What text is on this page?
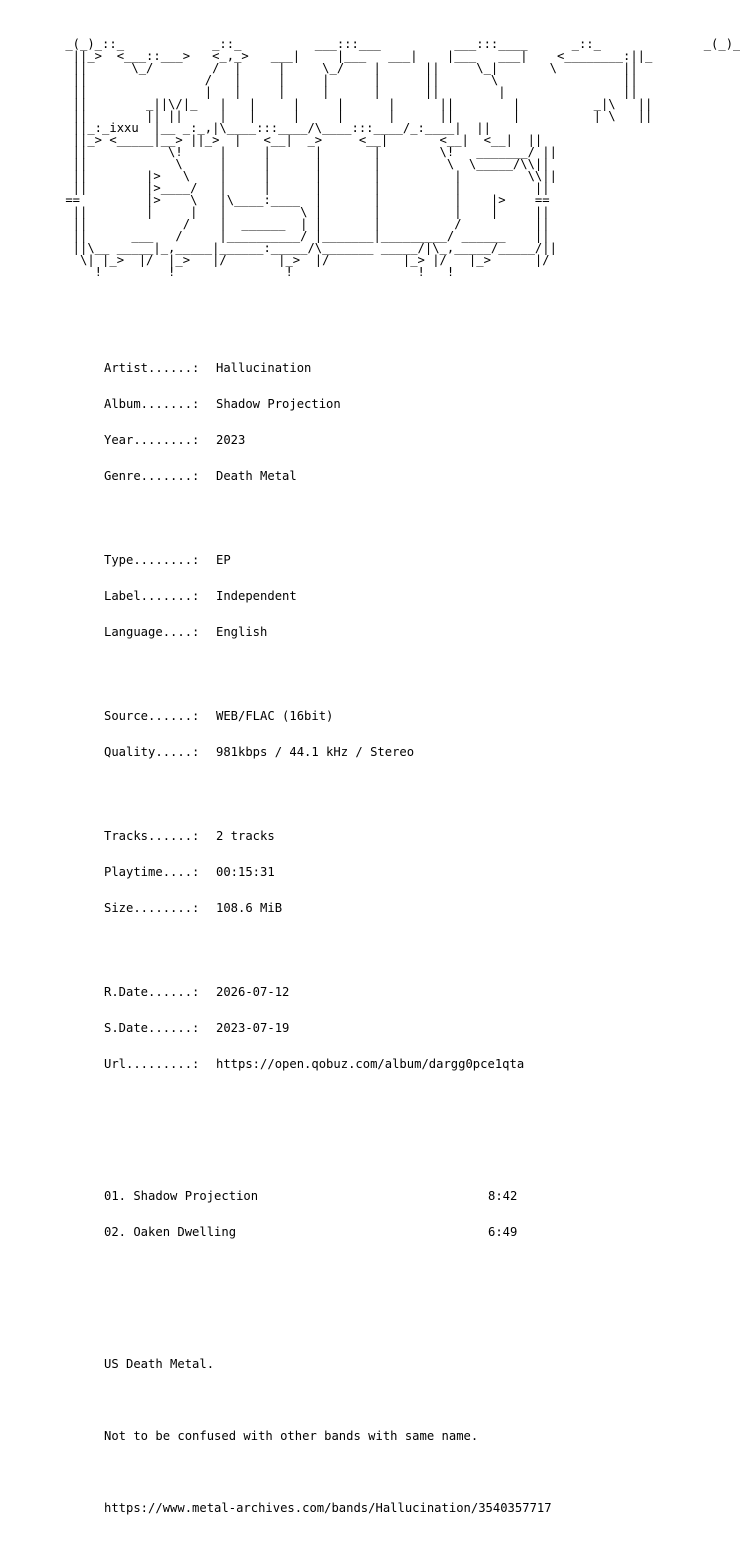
_(_)_::_            _::_          ___:::___          ___:::____      _::_              _(_)_
||_>  <___::___>   <_,_>   ___|     |___   ___|    |___   ___|    <________:||_
||      \_/        /  |     |     \_/    |      ||     \_|       \         ||
||                /   |     |     |      |      ||       \                 ||
||                |   |     |     |      |      ||        |                ||
||        _||\/|_   |   |     |     |      |      ||        |          _|\   ||
||        || ||     |   |     |     |      |      ||        |          | \   ||
||_:_ixxu  |__ _:_,|\____:::____/\____:::____/_:____|  ||
||_> <_____|__> ||_>  |   <__|  _>     <__|       <__|  <__|  ||
||           \!     |     |      |       |        \!   _______/ ||
||            \     |     |      |       |         \  \_____/\\||
||        |>   \    |     |      |       |          |         \\||
||        |>____/   |     |      |       |          |          ||
==         |>    \   |\____:____  |       |          |    |>    ==
||        |     |   |          \ |       |          |    |     ||
||             /    |  ______  | |       |          /          ||
||      ___   /     |__________/ |_______|_________/ ______    ||
||\__ _____|_,_____|______:_____/\_______ _____/|\_,_____/_____/||
\| |_>  |/  |_>   |/       |_>  |/          |_> |/   |_>      |/
!         !               !                 !   !

Artist......: Hallucination

Album.......: Shadow Projection

Year........: 2023

Genre.......: Death Metal

Type........: EP

Label.......: Independent

Language....: English

Source......: WEB/FLAC (16bit)

Quality.....: 981kbps / 44.1 kHz / Stereo

Tracks......: 2 tracks

Playtime....: 00:15:31

Size........: 108.6 MiB

R.Date......: 2026-07-12

S.Date......: 2023-07-19

Url.........: https://open.qobuz.com/album/dargg0pce1qta

01. Shadow Projection	8:42

02. Oaken Dwelling	6:49

US Death Metal.

Not to be confused with other bands with same name.

https://www.metal-archives.com/bands/Hallucination/3540357717
